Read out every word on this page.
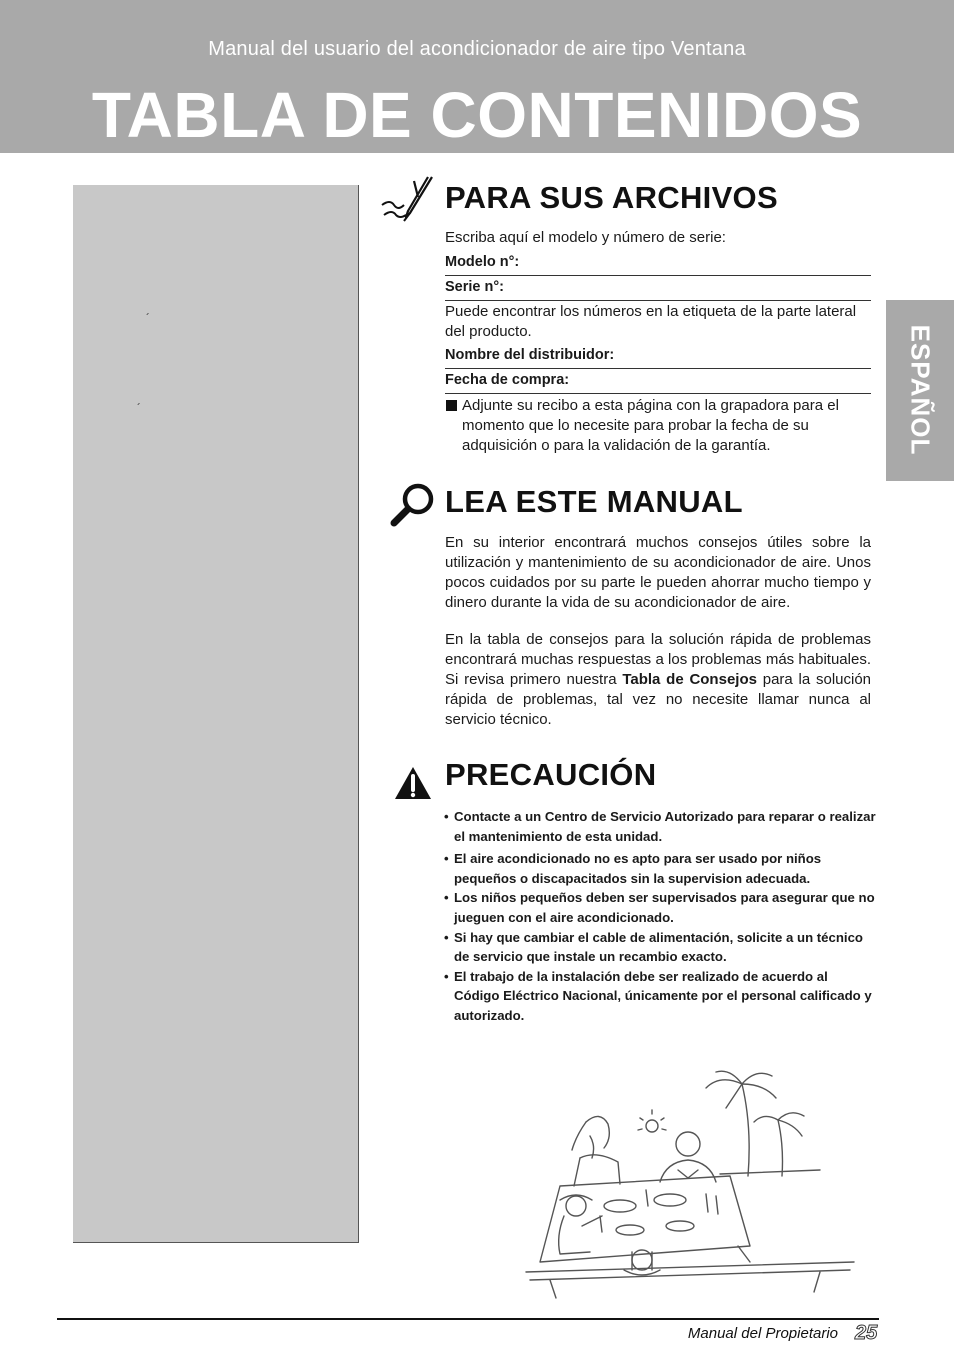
Manual del usuario del acondicionador de aire tipo Ventana
TABLA DE CONTENIDOS
´
´	ESPAÑOL
PARA SUS ARCHIVOS
Escriba aquí el modelo y número de serie:
Modelo n°:
Serie n°:
Puede encontrar los números en la etiqueta de la parte lateral del producto.
Nombre del distribuidor:
Fecha de compra:
Adjunte su recibo a esta página con la grapadora para el momento que lo necesite para probar la fecha de su adquisición o para la validación de la garantía.
LEA ESTE MANUAL
En su interior encontrará muchos consejos útiles sobre la utilización y mantenimiento de su acondicionador de aire. Unos pocos cuidados por su parte le pueden ahorrar mucho tiempo y dinero durante la vida de su acondicionador de aire.
En la tabla de consejos para la solución rápida de problemas encontrará muchas respuestas a los problemas más habituales. Si revisa primero nuestra Tabla de Consejos para la solución rápida de problemas, tal vez no necesite llamar nunca al servicio técnico.
PRECAUCIÓN
• Contacte a un Centro de Servicio Autorizado para reparar o realizar el mantenimiento de esta unidad.
• El aire acondicionado no es apto para ser usado por niños pequeños o discapacitados sin la supervision adecuada.
• Los niños pequeños deben ser supervisados para asegurar que no jueguen con el aire acondicionado.
• Si hay que cambiar el cable de alimentación, solicite a un técnico de servicio que instale un recambio exacto.
• El trabajo de la instalación debe ser realizado de acuerdo al Código Eléctrico Nacional, únicamente por el personal calificado y autorizado.
Manual del Propietario 25
